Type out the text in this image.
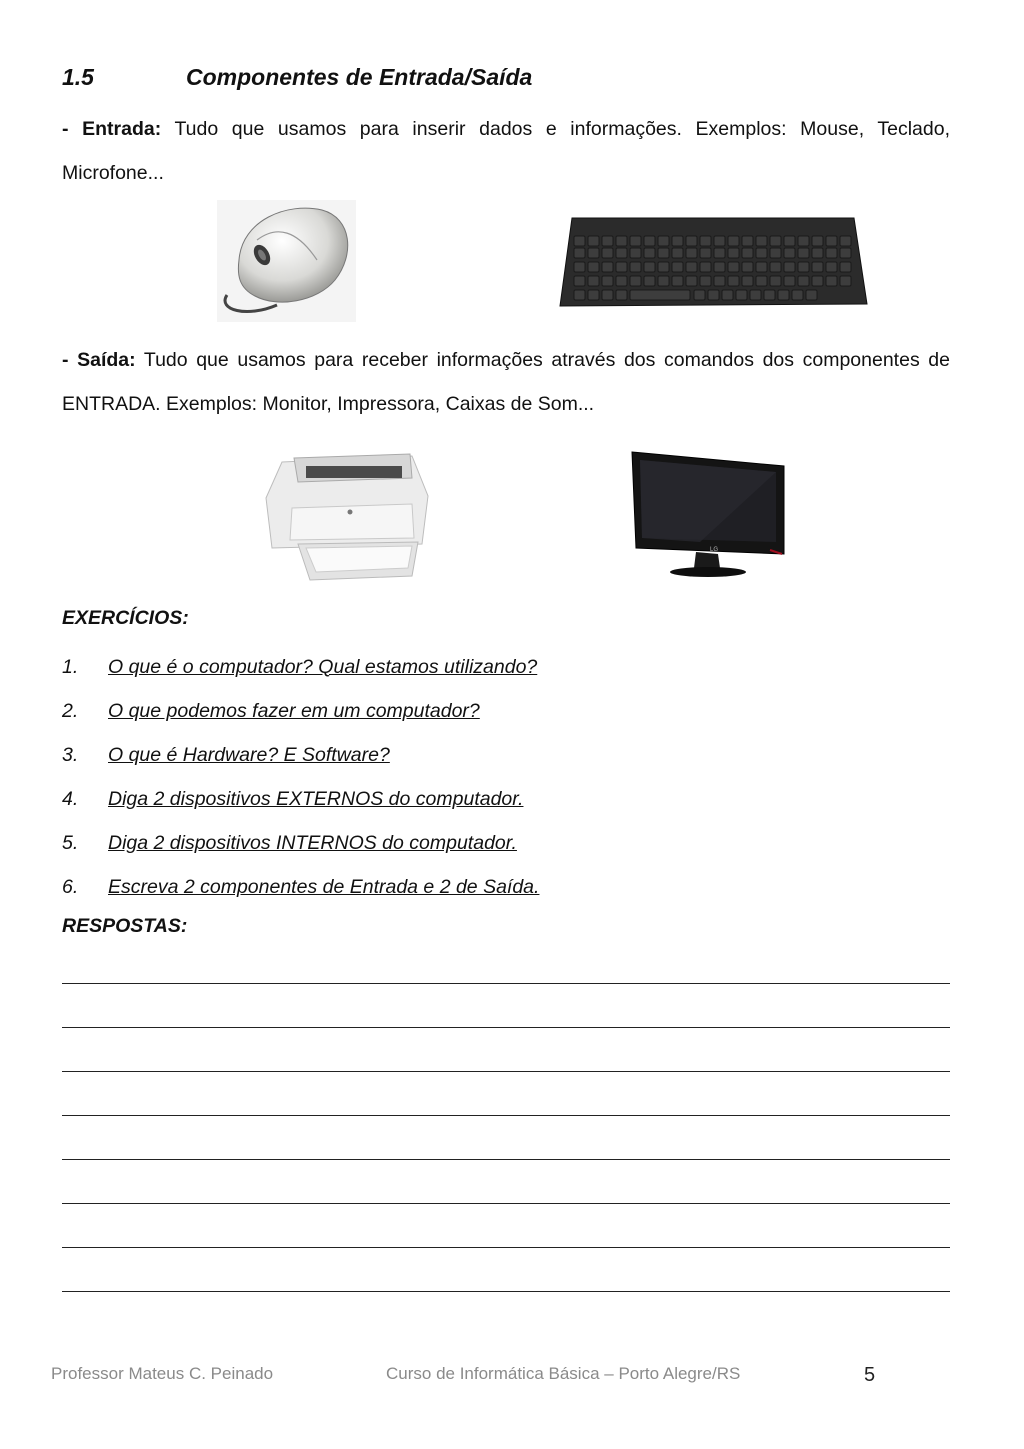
1.5	Componentes de Entrada/Saída
- Entrada: Tudo que usamos para inserir dados e informações. Exemplos: Mouse, Teclado, Microfone...
- Saída: Tudo que usamos para receber informações através dos comandos dos componentes de ENTRADA. Exemplos: Monitor, Impressora, Caixas de Som...
LG
EXERCÍCIOS:
1.	O que é o computador? Qual estamos utilizando?
2.	O que podemos fazer em um computador?
3.	O que é Hardware? E Software?
4.	Diga 2 dispositivos EXTERNOS do computador.
5.	Diga 2 dispositivos INTERNOS do computador.
6.	Escreva 2 componentes de Entrada e 2 de Saída.
RESPOSTAS:
Professor Mateus C. Peinado	Curso de Informática Básica – Porto Alegre/RS	5
